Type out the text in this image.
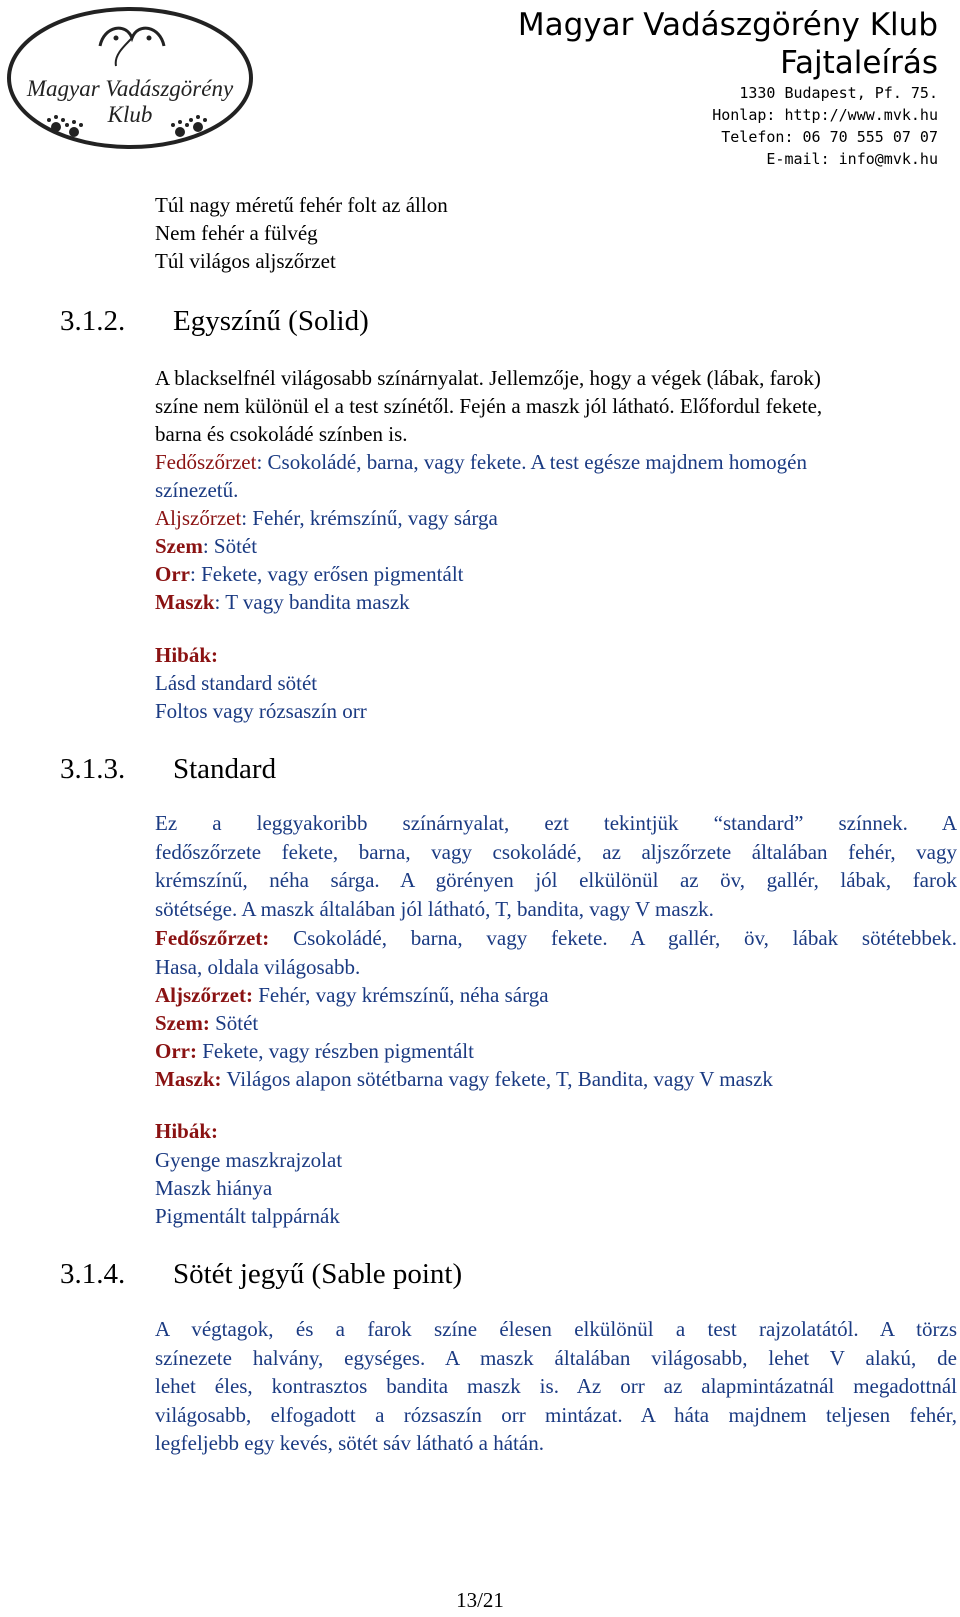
Magyar Vadászgörény
Klub
Magyar Vadászgörény Klub
Fajtaleírás
1330 Budapest, Pf. 75.
Honlap: http://www.mvk.hu
Telefon: 06 70 555 07 07
E-mail: info@mvk.hu
Túl nagy méretű fehér folt az állon
Nem fehér a fülvég
Túl világos aljszőrzet
3.1.2. Egyszínű (Solid)
A blackselfnél világosabb színárnyalat. Jellemzője, hogy a végek (lábak, farok)
színe nem különül el a test színétől. Fején a maszk jól látható. Előfordul fekete,
barna és csokoládé színben is.
Fedőszőrzet: Csokoládé, barna, vagy fekete. A test egésze majdnem homogén
színezetű.
Aljszőrzet: Fehér, krémszínű, vagy sárga
Szem: Sötét
Orr: Fekete, vagy erősen pigmentált
Maszk: T vagy bandita maszk
Hibák:
Lásd standard sötét
Foltos vagy rózsaszín orr
3.1.3. Standard
Ez a leggyakoribb színárnyalat, ezt tekintjük “standard” színnek. A
fedőszőrzete fekete, barna, vagy csokoládé, az aljszőrzete általában fehér, vagy
krémszínű, néha sárga. A görényen jól elkülönül az öv, gallér, lábak, farok
sötétsége. A maszk általában jól látható, T, bandita, vagy V maszk.
Fedőszőrzet: Csokoládé, barna, vagy fekete. A gallér, öv, lábak sötétebbek.
Hasa, oldala világosabb.
Aljszőrzet: Fehér, vagy krémszínű, néha sárga
Szem: Sötét
Orr: Fekete, vagy részben pigmentált
Maszk: Világos alapon sötétbarna vagy fekete, T, Bandita, vagy V maszk
Hibák:
Gyenge maszkrajzolat
Maszk hiánya
Pigmentált talppárnák
3.1.4. Sötét jegyű (Sable point)
A végtagok, és a farok színe élesen elkülönül a test rajzolatától. A törzs
színezete halvány, egységes. A maszk általában világosabb, lehet V alakú, de
lehet éles, kontrasztos bandita maszk is. Az orr az alapmintázatnál megadottnál
világosabb, elfogadott a rózsaszín orr mintázat. A háta majdnem teljesen fehér,
legfeljebb egy kevés, sötét sáv látható a hátán.
13/21
